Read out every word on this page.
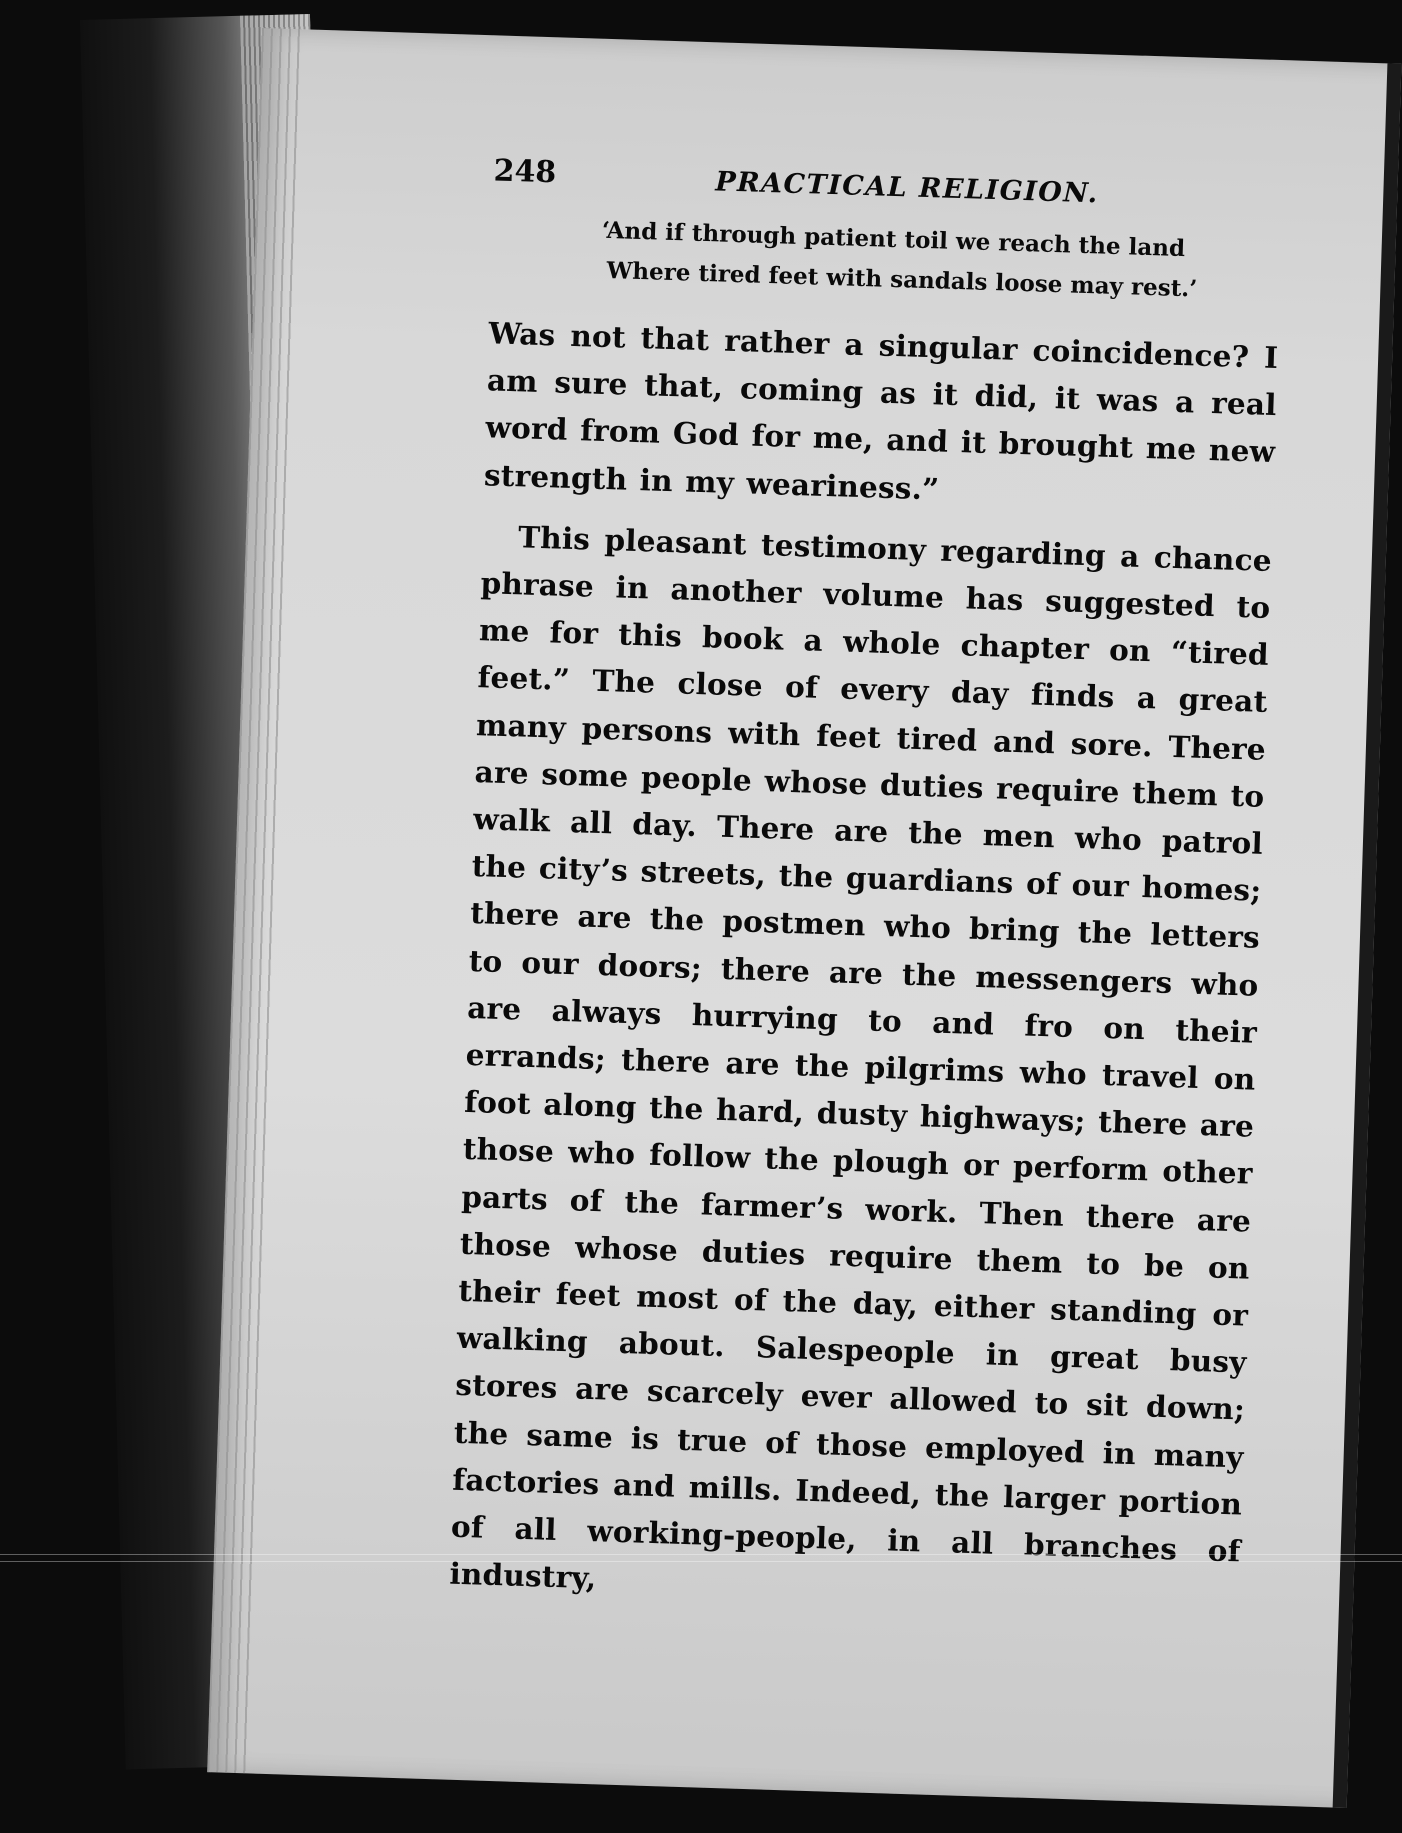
248	PRACTICAL RELIGION.
‘And if through patient toil we reach the land
Where tired feet with sandals loose may rest.’

Was not that rather a singular coincidence? I am sure that, coming as it did, it was a real word from God for me, and it brought me new strength in my weariness.”

This pleasant testimony regarding a chance phrase in another volume has suggested to me for this book a whole chapter on “tired feet.” The close of every day finds a great many persons with feet tired and sore. There are some people whose duties require them to walk all day. There are the men who patrol the city’s streets, the guardians of our homes; there are the postmen who bring the letters to our doors; there are the messengers who are always hurrying to and fro on their errands; there are the pilgrims who travel on foot along the hard, dusty highways; there are those who follow the plough or perform other parts of the farmer’s work. Then there are those whose duties require them to be on their feet most of the day, either standing or walking about. Salespeople in great busy stores are scarcely ever allowed to sit down; the same is true of those employed in many factories and mills. Indeed, the larger portion of all working-people, in all branches of industry,
